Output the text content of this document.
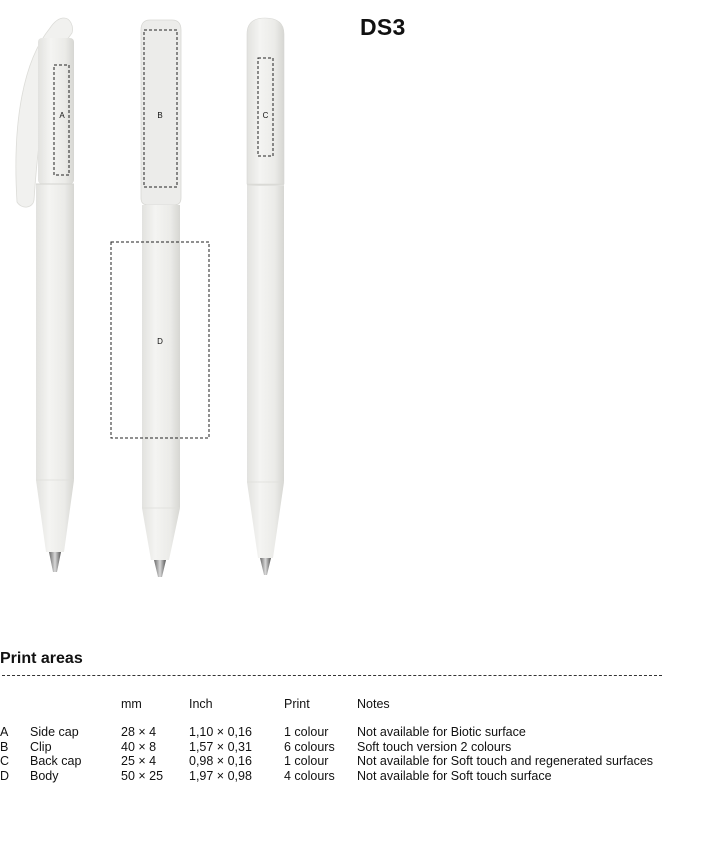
DS3
A	B
D
C
Print areas
		mm	Inch	Print	Notes
A	Side cap	28 × 4	1,10 × 0,16	1 colour	Not available for Biotic surface
B	Clip	40 × 8	1,57 × 0,31	6 colours	Soft touch version 2 colours
C	Back cap	25 × 4	0,98 × 0,16	1 colour	Not available for Soft touch and regenerated surfaces
D	Body	50 × 25	1,97 × 0,98	4 colours	Not available for Soft touch surface
